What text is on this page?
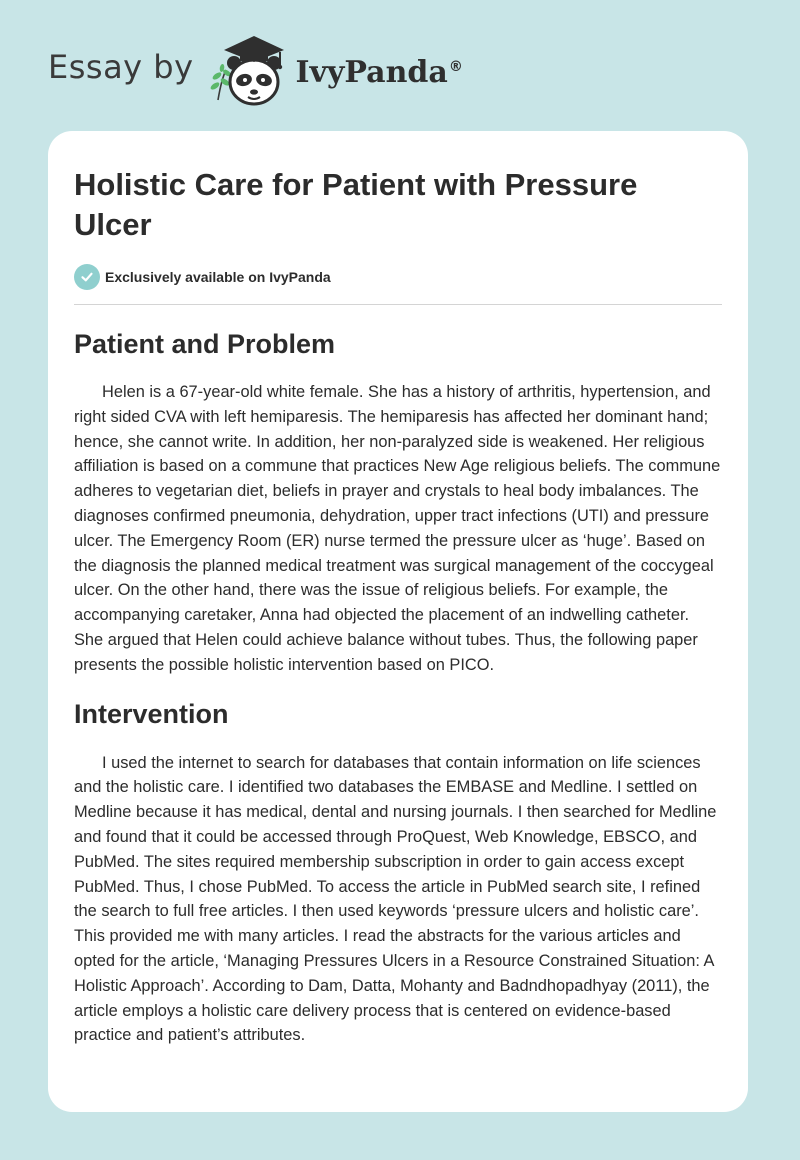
Essay by	IvyPanda®
Holistic Care for Patient with Pressure Ulcer
Exclusively available on IvyPanda
Patient and Problem

Helen is a 67-year-old white female. She has a history of arthritis, hypertension, and right sided CVA with left hemiparesis. The hemiparesis has affected her dominant hand; hence, she cannot write. In addition, her non-paralyzed side is weakened. Her religious affiliation is based on a commune that practices New Age religious beliefs. The commune adheres to vegetarian diet, beliefs in prayer and crystals to heal body imbalances. The diagnoses confirmed pneumonia, dehydration, upper tract infections (UTI) and pressure ulcer. The Emergency Room (ER) nurse termed the pressure ulcer as ‘huge’. Based on the diagnosis the planned medical treatment was surgical management of the coccygeal ulcer. On the other hand, there was the issue of religious beliefs. For example, the accompanying caretaker, Anna had objected the placement of an indwelling catheter. She argued that Helen could achieve balance without tubes. Thus, the following paper presents the possible holistic intervention based on PICO.

Intervention

I used the internet to search for databases that contain information on life sciences and the holistic care. I identified two databases the EMBASE and Medline. I settled on Medline because it has medical, dental and nursing journals. I then searched for Medline and found that it could be accessed through ProQuest, Web Knowledge, EBSCO, and PubMed. The sites required membership subscription in order to gain access except PubMed. Thus, I chose PubMed. To access the article in PubMed search site, I refined the search to full free articles. I then used keywords ‘pressure ulcers and holistic care’. This provided me with many articles. I read the abstracts for the various articles and opted for the article, ‘Managing Pressures Ulcers in a Resource Constrained Situation: A Holistic Approach’. According to Dam, Datta, Mohanty and Badndhopadhyay (2011), the article employs a holistic care delivery process that is centered on evidence-based practice and patient’s attributes.
